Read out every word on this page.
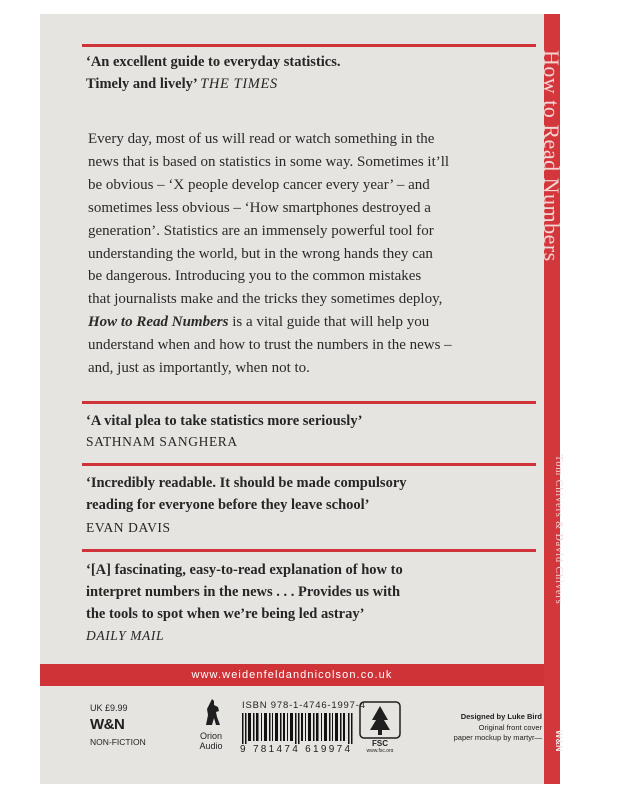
How to Read Numbers
Tom Chivers & David Chivers
W&N
‘An excellent guide to everyday statistics.
Timely and lively’ THE TIMES

Every day, most of us will read or watch something in the

news that is based on statistics in some way. Sometimes it’ll

be obvious – ‘X people develop cancer every year’ – and

sometimes less obvious – ‘How smartphones destroyed a

generation’. Statistics are an immensely powerful tool for

understanding the world, but in the wrong hands they can

be dangerous. Introducing you to the common mistakes

that journalists make and the tricks they sometimes deploy,

How to Read Numbers is a vital guide that will help you

understand when and how to trust the numbers in the news –

and, just as importantly, when not to.

‘A vital plea to take statistics more seriously’
SATHNAM SANGHERA
‘Incredibly readable. It should be made compulsory
reading for everyone before they leave school’
EVAN DAVIS
‘[A] fascinating, easy-to-read explanation of how to
interpret numbers in the news . . . Provides us with
the tools to spot when we’re being led astray’
DAILY MAIL
www.weidenfeldandnicolson.co.uk
UK £9.99
W&N
NON-FICTION
Orion
Audio
ISBN 978-1-4746-1997-4
9 781474 619974
FSC
www.fsc.org
Designed by Luke Bird
Original front cover
paper mockup by martyr—
